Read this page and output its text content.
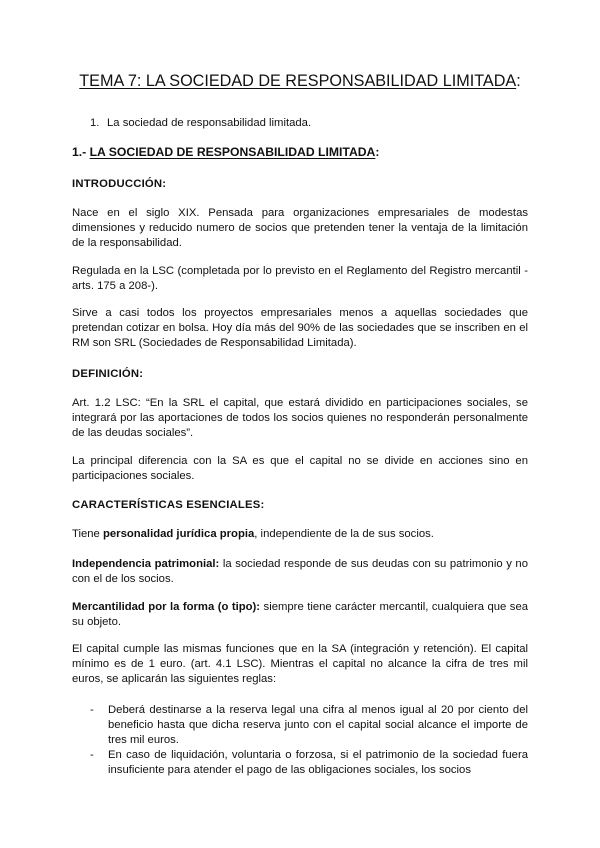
TEMA 7: LA SOCIEDAD DE RESPONSABILIDAD LIMITADA:

1. La sociedad de responsabilidad limitada.

1.- LA SOCIEDAD DE RESPONSABILIDAD LIMITADA:

INTRODUCCIÓN:

Nace en el siglo XIX. Pensada para organizaciones empresariales de modestas dimensiones y reducido numero de socios que pretenden tener la ventaja de la limitación de la responsabilidad.

Regulada en la LSC (completada por lo previsto en el Reglamento del Registro mercantil -arts. 175 a 208-).

Sirve a casi todos los proyectos empresariales menos a aquellas sociedades que pretendan cotizar en bolsa. Hoy día más del 90% de las sociedades que se inscriben en el RM son SRL (Sociedades de Responsabilidad Limitada).

DEFINICIÓN:

Art. 1.2 LSC: “En la SRL el capital, que estará dividido en participaciones sociales, se integrará por las aportaciones de todos los socios quienes no responderán personalmente de las deudas sociales”.

La principal diferencia con la SA es que el capital no se divide en acciones sino en participaciones sociales.

CARACTERÍSTICAS ESENCIALES:

Tiene personalidad jurídica propia, independiente de la de sus socios.

Independencia patrimonial: la sociedad responde de sus deudas con su patrimonio y no con el de los socios.

Mercantilidad por la forma (o tipo): siempre tiene carácter mercantil, cualquiera que sea su objeto.

El capital cumple las mismas funciones que en la SA (integración y retención). El capital mínimo es de 1 euro. (art. 4.1 LSC). Mientras el capital no alcance la cifra de tres mil euros, se aplicarán las siguientes reglas:

- Deberá destinarse a la reserva legal una cifra al menos igual al 20 por ciento del beneficio hasta que dicha reserva junto con el capital social alcance el importe de tres mil euros.
- En caso de liquidación, voluntaria o forzosa, si el patrimonio de la sociedad fuera insuficiente para atender el pago de las obligaciones sociales, los socios
